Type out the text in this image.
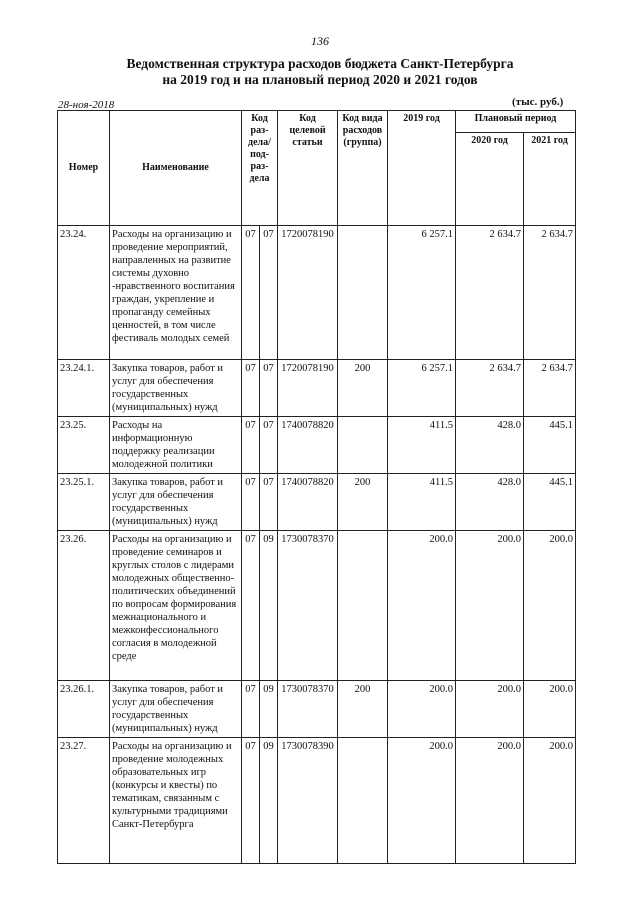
136
Ведомственная структура расходов бюджета Санкт-Петербурга
на 2019 год и на плановый период 2020 и 2021 годов
28-ноя-2018	(тыс. руб.)
Номер	Наименование	Код раз-дела/ под-раз-дела		Код целевой статьи	Код вида расходов (группа)	2019 год	Плановый период	
							2020 год	2021 год
23.24.	Расходы на организацию и проведение мероприятий, направленных на развитие системы духовно -нравственного воспитания граждан, укрепление и пропаганду семейных ценностей, в том числе фестиваль молодых семей	07	07	1720078190		6 257.1	2 634.7	2 634.7
23.24.1.	Закупка товаров, работ и услуг для обеспечения государственных (муниципальных) нужд	07	07	1720078190	200	6 257.1	2 634.7	2 634.7
23.25.	Расходы на информационную поддержку реализации молодежной политики	07	07	1740078820		411.5	428.0	445.1
23.25.1.	Закупка товаров, работ и услуг для обеспечения государственных (муниципальных) нужд	07	07	1740078820	200	411.5	428.0	445.1
23.26.	Расходы на организацию и проведение семинаров и круглых столов с лидерами молодежных общественно-политических объединений по вопросам формирования межнационального и межконфессионального согласия в молодежной среде	07	09	1730078370		200.0	200.0	200.0
23.26.1.	Закупка товаров, работ и услуг для обеспечения государственных (муниципальных) нужд	07	09	1730078370	200	200.0	200.0	200.0
23.27.	Расходы на организацию и проведение молодежных образовательных игр (конкурсы и квесты) по тематикам, связанным с культурными традициями Санкт-Петербурга	07	09	1730078390		200.0	200.0	200.0
